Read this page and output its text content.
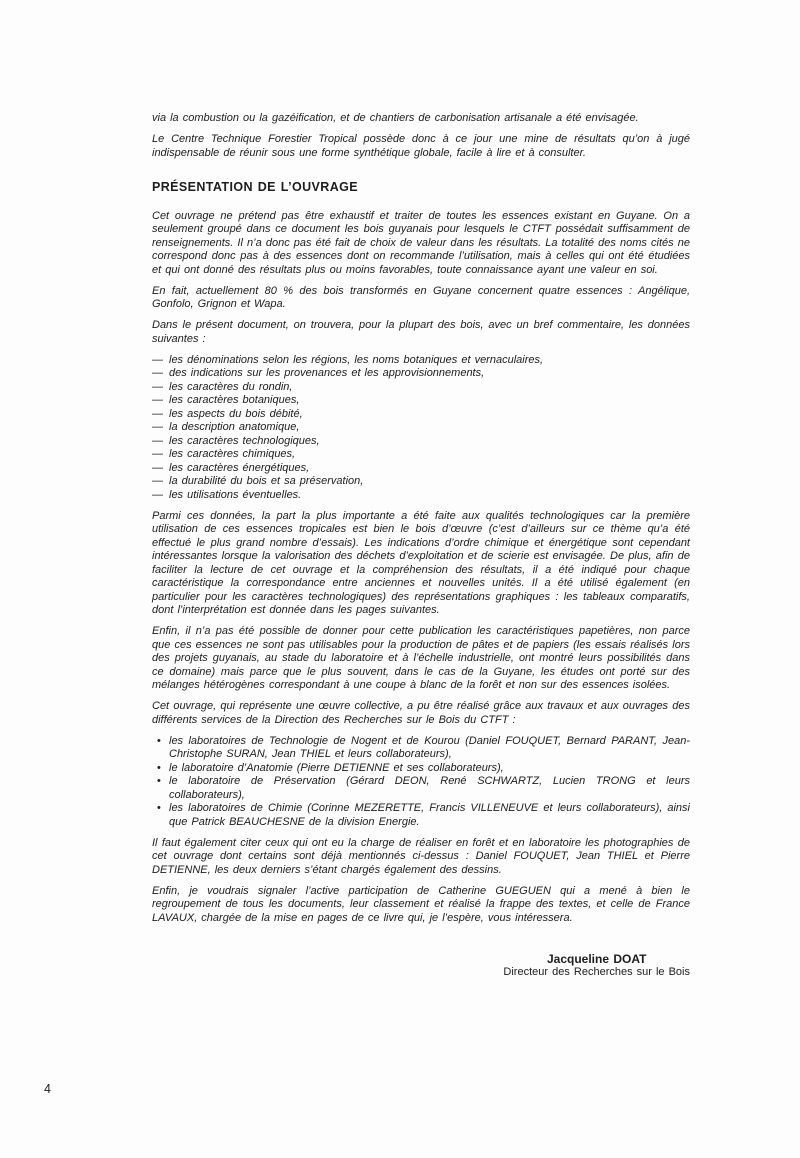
via la combustion ou la gazéification, et de chantiers de carbonisation artisanale a été envisagée.

Le Centre Technique Forestier Tropical possède donc à ce jour une mine de résultats qu’on à jugé indispensable de réunir sous une forme synthétique globale, facile à lire et à consulter.

PRÉSENTATION DE L’OUVRAGE

Cet ouvrage ne prétend pas être exhaustif et traiter de toutes les essences existant en Guyane. On a seulement groupé dans ce document les bois guyanais pour lesquels le CTFT possédait suffisamment de renseignements. Il n’a donc pas été fait de choix de valeur dans les résultats. La totalité des noms cités ne correspond donc pas à des essences dont on recommande l’utilisation, mais à celles qui ont été étudiées et qui ont donné des résultats plus ou moins favorables, toute connaissance ayant une valeur en soi.

En fait, actuellement 80 % des bois transformés en Guyane concernent quatre essences : Angélique, Gonfolo, Grignon et Wapa.

Dans le présent document, on trouvera, pour la plupart des bois, avec un bref commentaire, les données suivantes :

— les dénominations selon les régions, les noms botaniques et vernaculaires,
— des indications sur les provenances et les approvisionnements,
— les caractères du rondin,
— les caractères botaniques,
— les aspects du bois débité,
— la description anatomique,
— les caractères technologiques,
— les caractères chimiques,
— les caractères énergétiques,
— la durabilité du bois et sa préservation,
— les utilisations éventuelles.

Parmi ces données, la part la plus importante a été faite aux qualités technologiques car la première utilisation de ces essences tropicales est bien le bois d’œuvre (c’est d’ailleurs sur ce thème qu’a été effectué le plus grand nombre d’essais). Les indications d’ordre chimique et énergétique sont cependant intéressantes lorsque la valorisation des déchets d’exploitation et de scierie est envisagée. De plus, afin de faciliter la lecture de cet ouvrage et la compréhension des résultats, il a été indiqué pour chaque caractéristique la correspondance entre anciennes et nouvelles unités. Il a été utilisé également (en particulier pour les caractères technologiques) des représentations graphiques : les tableaux comparatifs, dont l’interprétation est donnée dans les pages suivantes.

Enfin, il n’a pas été possible de donner pour cette publication les caractéristiques papetières, non parce que ces essences ne sont pas utilisables pour la production de pâtes et de papiers (les essais réalisés lors des projets guyanais, au stade du laboratoire et à l’échelle industrielle, ont montré leurs possibilités dans ce domaine) mais parce que le plus souvent, dans le cas de la Guyane, les études ont porté sur des mélanges hétérogènes correspondant à une coupe à blanc de la forêt et non sur des essences isolées.

Cet ouvrage, qui représente une œuvre collective, a pu être réalisé grâce aux travaux et aux ouvrages des différents services de la Direction des Recherches sur le Bois du CTFT :

• les laboratoires de Technologie de Nogent et de Kourou (Daniel FOUQUET, Bernard PARANT, Jean-Christophe SURAN, Jean THIEL et leurs collaborateurs),
• le laboratoire d’Anatomie (Pierre DETIENNE et ses collaborateurs),
• le laboratoire de Préservation (Gérard DEON, René SCHWARTZ, Lucien TRONG et leurs collaborateurs),
• les laboratoires de Chimie (Corinne MEZERETTE, Francis VILLENEUVE et leurs collaborateurs), ainsi que Patrick BEAUCHESNE de la division Energie.

Il faut également citer ceux qui ont eu la charge de réaliser en forêt et en laboratoire les photographies de cet ouvrage dont certains sont déjà mentionnés ci-dessus : Daniel FOUQUET, Jean THIEL et Pierre DETIENNE, les deux derniers s’étant chargés également des dessins.

Enfin, je voudrais signaler l’active participation de Catherine GUEGUEN qui a mené à bien le regroupement de tous les documents, leur classement et réalisé la frappe des textes, et celle de France LAVAUX, chargée de la mise en pages de ce livre qui, je l’espère, vous intéressera.

Jacqueline DOAT
Directeur des Recherches sur le Bois
4
